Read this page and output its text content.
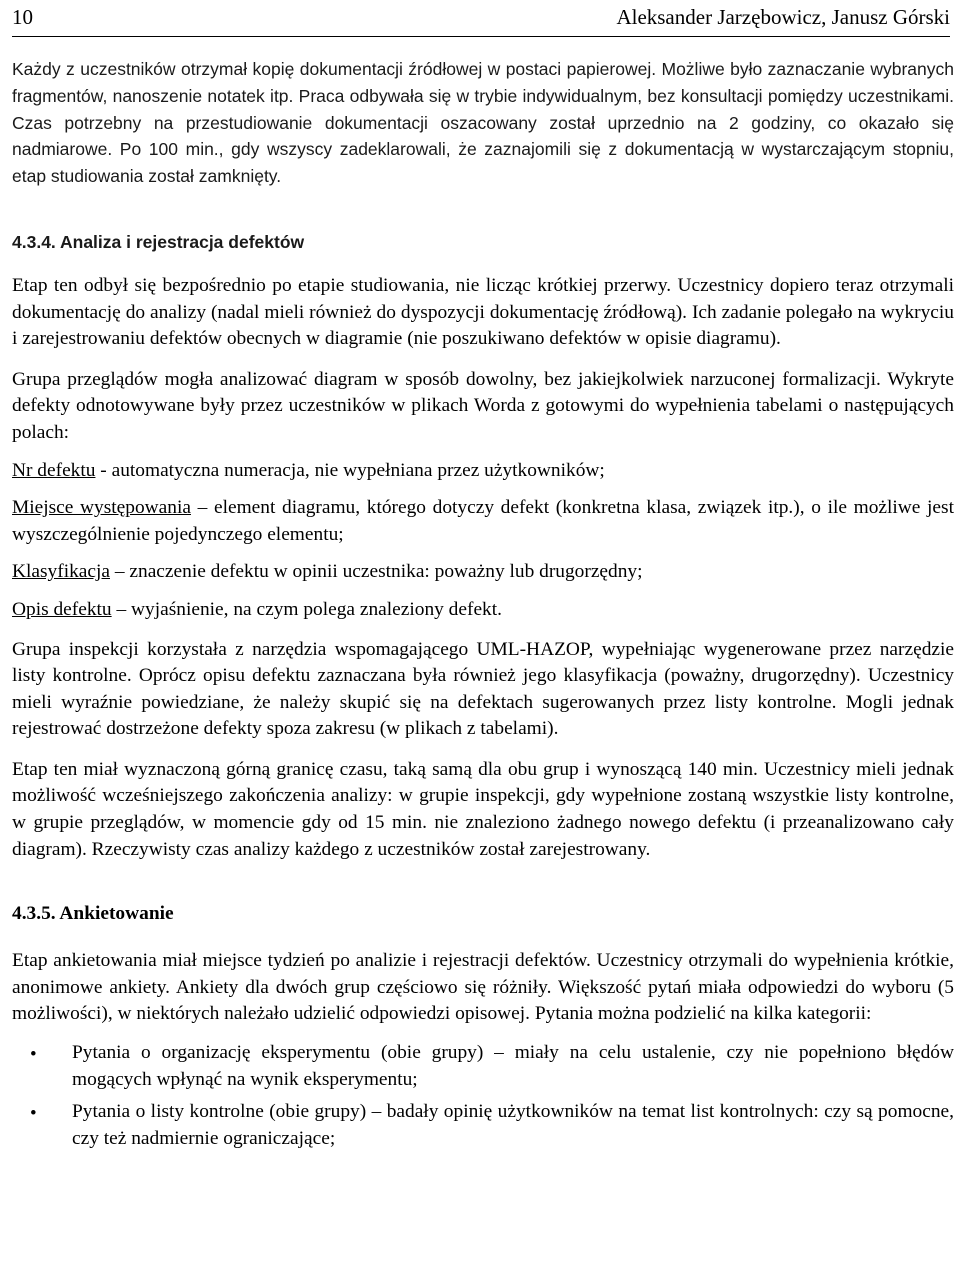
10	Aleksander Jarzębowicz, Janusz Górski

Każdy z uczestników otrzymał kopię dokumentacji źródłowej w postaci papierowej. Możliwe było zaznaczanie wybranych fragmentów, nanoszenie notatek itp. Praca odbywała się w trybie indywidualnym, bez konsultacji pomiędzy uczestnikami. Czas potrzebny na przestudiowanie dokumentacji oszacowany został uprzednio na 2 godziny, co okazało się nadmiarowe. Po 100 min., gdy wszyscy zadeklarowali, że zaznajomili się z dokumentacją w wystarczającym stopniu, etap studiowania został zamknięty.

4.3.4. Analiza i rejestracja defektów

Etap ten odbył się bezpośrednio po etapie studiowania, nie licząc krótkiej przerwy. Uczestnicy dopiero teraz otrzymali dokumentację do analizy (nadal mieli również do dyspozycji dokumentację źródłową). Ich zadanie polegało na wykryciu i zarejestrowaniu defektów obecnych w diagramie (nie poszukiwano defektów w opisie diagramu).

Grupa przeglądów mogła analizować diagram w sposób dowolny, bez jakiejkolwiek narzuconej formalizacji. Wykryte defekty odnotowywane były przez uczestników w plikach Worda z gotowymi do wypełnienia tabelami o następujących polach:

Nr defektu - automatyczna numeracja, nie wypełniana przez użytkowników;

Miejsce występowania – element diagramu, którego dotyczy defekt (konkretna klasa, związek itp.), o ile możliwe jest wyszczególnienie pojedynczego elementu;

Klasyfikacja – znaczenie defektu w opinii uczestnika: poważny lub drugorzędny;

Opis defektu – wyjaśnienie, na czym polega znaleziony defekt.

Grupa inspekcji korzystała z narzędzia wspomagającego UML-HAZOP, wypełniając wygenerowane przez narzędzie listy kontrolne. Oprócz opisu defektu zaznaczana była również jego klasyfikacja (poważny, drugorzędny). Uczestnicy mieli wyraźnie powiedziane, że należy skupić się na defektach sugerowanych przez listy kontrolne. Mogli jednak rejestrować dostrzeżone defekty spoza zakresu (w plikach z tabelami).

Etap ten miał wyznaczoną górną granicę czasu, taką samą dla obu grup i wynoszącą 140 min. Uczestnicy mieli jednak możliwość wcześniejszego zakończenia analizy: w grupie inspekcji, gdy wypełnione zostaną wszystkie listy kontrolne, w grupie przeglądów, w momencie gdy od 15 min. nie znaleziono żadnego nowego defektu (i przeanalizowano cały diagram). Rzeczywisty czas analizy każdego z uczestników został zarejestrowany.

4.3.5. Ankietowanie

Etap ankietowania miał miejsce tydzień po analizie i rejestracji defektów. Uczestnicy otrzymali do wypełnienia krótkie, anonimowe ankiety. Ankiety dla dwóch grup częściowo się różniły. Większość pytań miała odpowiedzi do wyboru (5 możliwości), w niektórych należało udzielić odpowiedzi opisowej. Pytania można podzielić na kilka kategorii:

• Pytania o organizację eksperymentu (obie grupy) – miały na celu ustalenie, czy nie popełniono błędów mogących wpłynąć na wynik eksperymentu;
• Pytania o listy kontrolne (obie grupy) – badały opinię użytkowników na temat list kontrolnych: czy są pomocne, czy też nadmiernie ograniczające;
